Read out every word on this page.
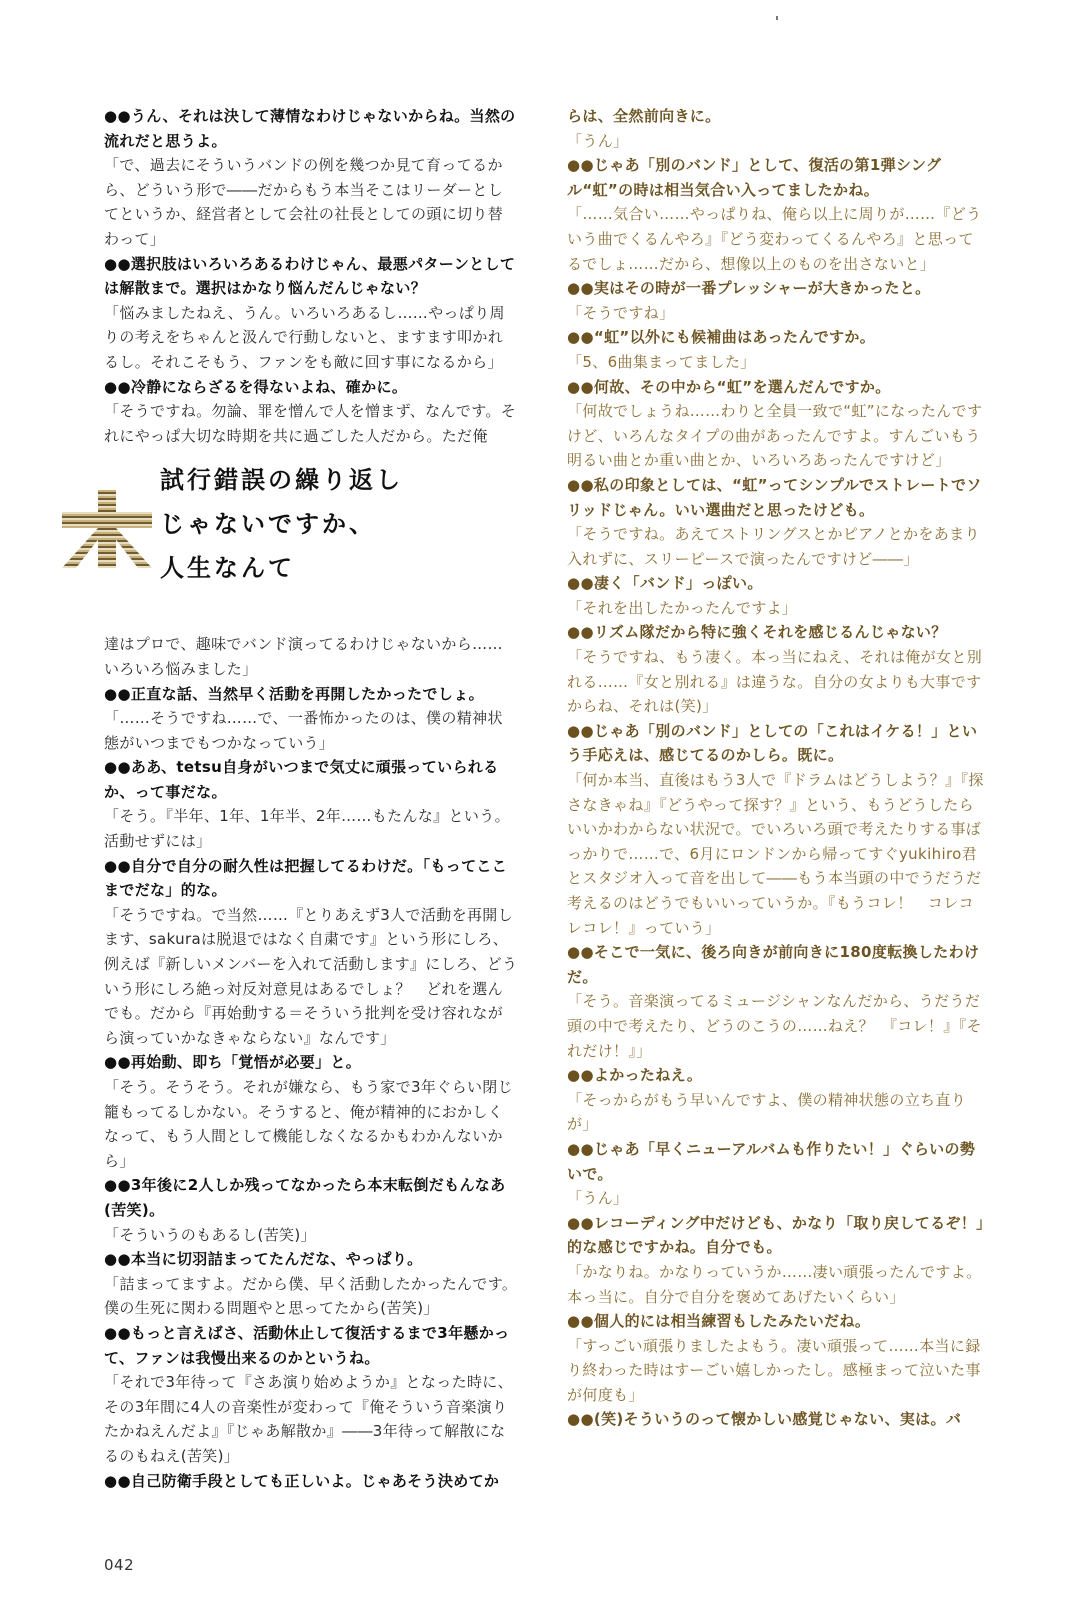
●●うん、それは決して薄情なわけじゃないからね。当然の流れだと思うよ。

「で、過去にそういうバンドの例を幾つか見て育ってるから、どういう形で――だからもう本当そこはリーダーとしてというか、経営者として会社の社長としての頭に切り替わって」

●●選択肢はいろいろあるわけじゃん、最悪パターンとしては解散まで。選択はかなり悩んだんじゃない？

「悩みましたねえ、うん。いろいろあるし……やっぱり周りの考えをちゃんと汲んで行動しないと、ますます叩かれるし。それこそもう、ファンをも敵に回す事になるから」

●●冷静にならざるを得ないよね、確かに。

「そうですね。勿論、罪を憎んで人を憎まず、なんです。それにやっぱ大切な時期を共に過ごした人だから。ただ俺

試行錯誤の繰り返し
じゃないですか、
人生なんて

達はプロで、趣味でバンド演ってるわけじゃないから……いろいろ悩みました」

●●正直な話、当然早く活動を再開したかったでしょ。

「……そうですね……で、一番怖かったのは、僕の精神状態がいつまでもつかなっていう」

●●ああ、tetsu自身がいつまで気丈に頑張っていられるか、って事だな。

「そう。『半年、1年、1年半、2年……もたんな』という。活動せずには」

●●自分で自分の耐久性は把握してるわけだ。「もってここまでだな」的な。

「そうですね。で当然……『とりあえず3人で活動を再開します、sakuraは脱退ではなく自粛です』という形にしろ、例えば『新しいメンバーを入れて活動します』にしろ、どういう形にしろ絶っ対反対意見はあるでしょ？　どれを選んでも。だから『再始動する＝そういう批判を受け容れながら演っていかなきゃならない』なんです」

●●再始動、即ち「覚悟が必要」と。

「そう。そうそう。それが嫌なら、もう家で3年ぐらい閉じ籠もってるしかない。そうすると、俺が精神的におかしくなって、もう人間として機能しなくなるかもわかんないから」

●●3年後に2人しか残ってなかったら本末転倒だもんなあ(苦笑)。

「そういうのもあるし(苦笑)」

●●本当に切羽詰まってたんだな、やっぱり。

「詰まってますよ。だから僕、早く活動したかったんです。僕の生死に関わる問題やと思ってたから(苦笑)」

●●もっと言えばさ、活動休止して復活するまで3年懸かって、ファンは我慢出来るのかというね。

「それで3年待って『さあ演り始めようか』となった時に、その3年間に4人の音楽性が変わって『俺そういう音楽演りたかねえんだよ』『じゃあ解散か』――3年待って解散になるのもねえ(苦笑)」

●●自己防衛手段としても正しいよ。じゃあそう決めてか

らは、全然前向きに。

「うん」

●●じゃあ「別のバンド」として、復活の第1弾シングル“虹”の時は相当気合い入ってましたかね。

「……気合い……やっぱりね、俺ら以上に周りが……『どういう曲でくるんやろ』『どう変わってくるんやろ』と思ってるでしょ……だから、想像以上のものを出さないと」

●●実はその時が一番プレッシャーが大きかったと。

「そうですね」

●●“虹”以外にも候補曲はあったんですか。

「5、6曲集まってました」

●●何故、その中から“虹”を選んだんですか。

「何故でしょうね……わりと全員一致で“虹”になったんですけど、いろんなタイプの曲があったんですよ。すんごいもう明るい曲とか重い曲とか、いろいろあったんですけど」

●●私の印象としては、“虹”ってシンプルでストレートでソリッドじゃん。いい選曲だと思ったけども。

「そうですね。あえてストリングスとかピアノとかをあまり入れずに、スリーピースで演ったんですけど――」

●●凄く「バンド」っぽい。

「それを出したかったんですよ」

●●リズム隊だから特に強くそれを感じるんじゃない？

「そうですね、もう凄く。本っ当にねえ、それは俺が女と別れる……『女と別れる』は違うな。自分の女よりも大事ですからね、それは(笑)」

●●じゃあ「別のバンド」としての「これはイケる！」という手応えは、感じてるのかしら。既に。

「何か本当、直後はもう3人で『ドラムはどうしよう？』『探さなきゃね』『どうやって探す？』という、もうどうしたらいいかわからない状況で。でいろいろ頭で考えたりする事ばっかりで……で、6月にロンドンから帰ってすぐyukihiro君とスタジオ入って音を出して――もう本当頭の中でうだうだ考えるのはどうでもいいっていうか。『もうコレ！　コレコレコレ！』っていう」

●●そこで一気に、後ろ向きが前向きに180度転換したわけだ。

「そう。音楽演ってるミュージシャンなんだから、うだうだ頭の中で考えたり、どうのこうの……ねえ？　『コレ！』『それだけ！』」

●●よかったねえ。

「そっからがもう早いんですよ、僕の精神状態の立ち直りが」

●●じゃあ「早くニューアルバムも作りたい！」ぐらいの勢いで。

「うん」

●●レコーディング中だけども、かなり「取り戻してるぞ！」的な感じですかね。自分でも。

「かなりね。かなりっていうか……凄い頑張ったんですよ。本っ当に。自分で自分を褒めてあげたいくらい」

●●個人的には相当練習もしたみたいだね。

「すっごい頑張りましたよもう。凄い頑張って……本当に録り終わった時はすーごい嬉しかったし。感極まって泣いた事が何度も」

●●(笑)そういうのって懐かしい感覚じゃない、実は。バ

042
